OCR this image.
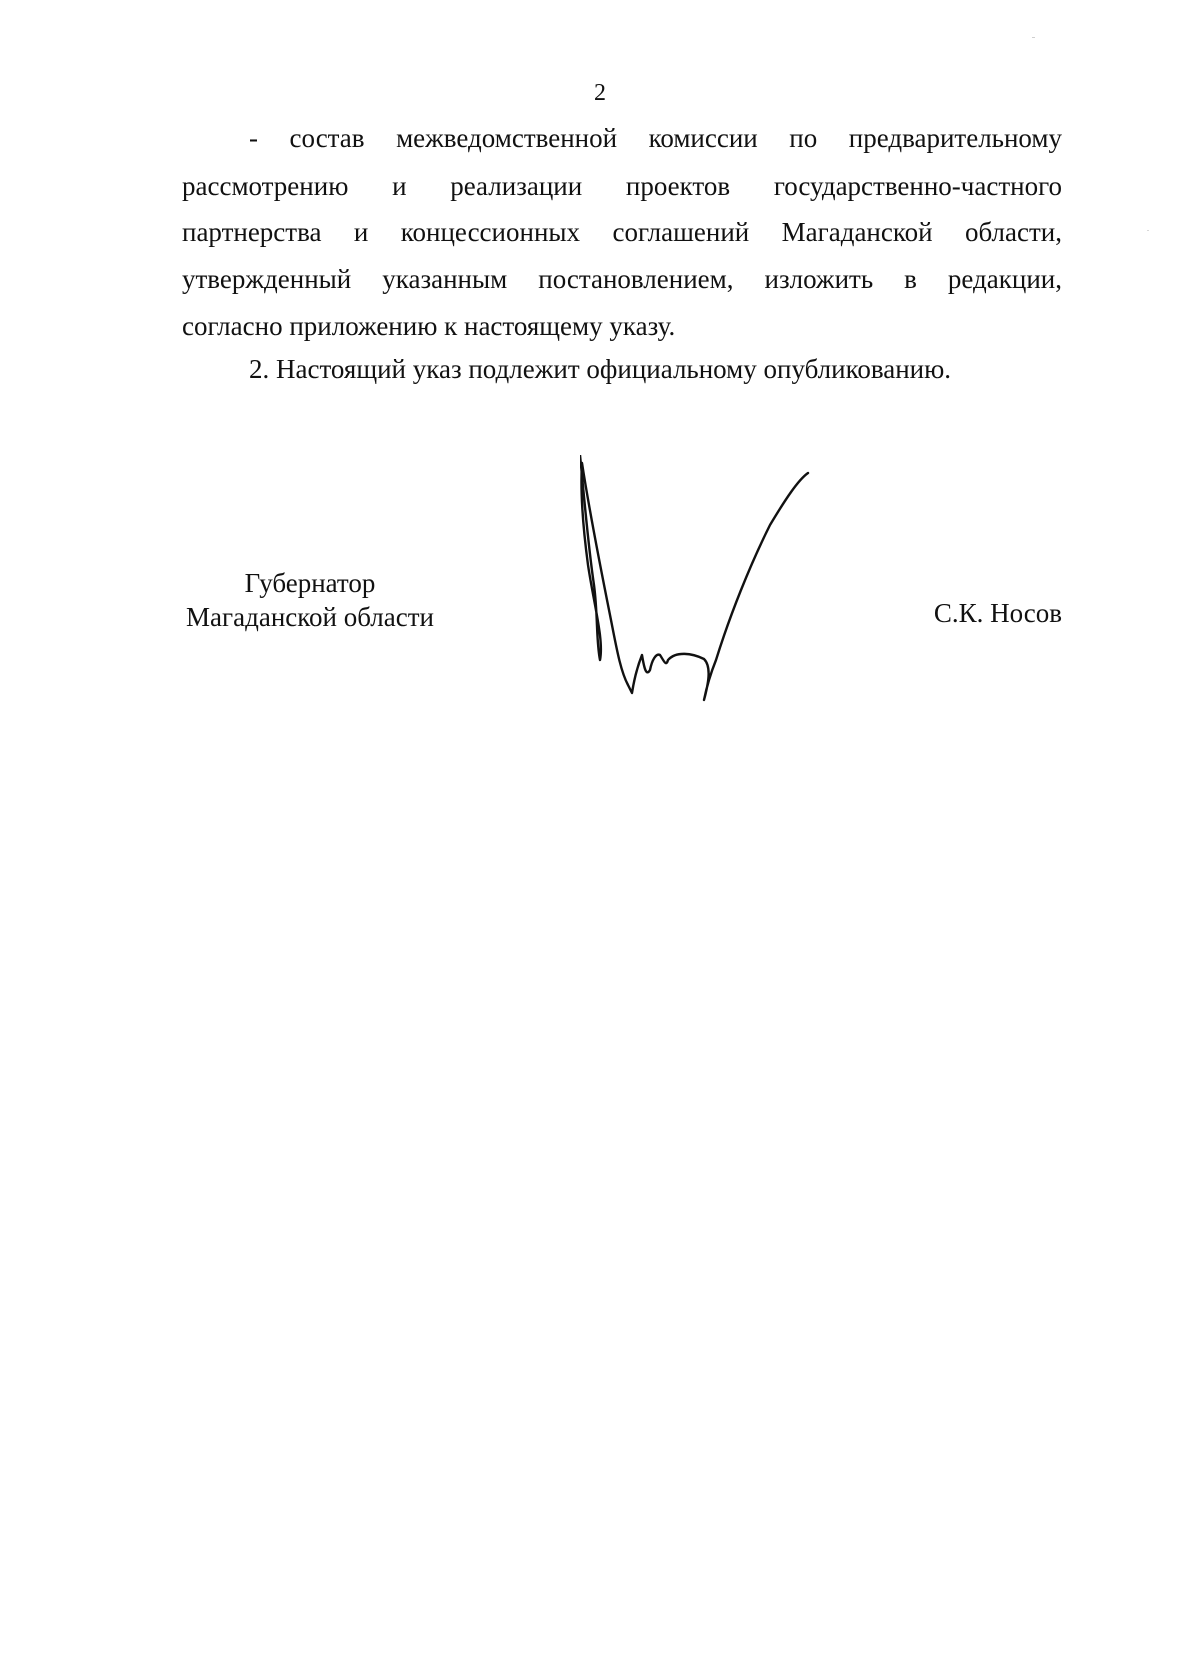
2
- состав межведомственной комиссии по предварительному
рассмотрению и реализации проектов государственно-частного
партнерства и концессионных соглашений Магаданской области,
утвержденный указанным постановлением, изложить в редакции,
согласно приложению к настоящему указу.
2. Настоящий указ подлежит официальному опубликованию.
Губернатор
Магаданской области	С.К. Носов
